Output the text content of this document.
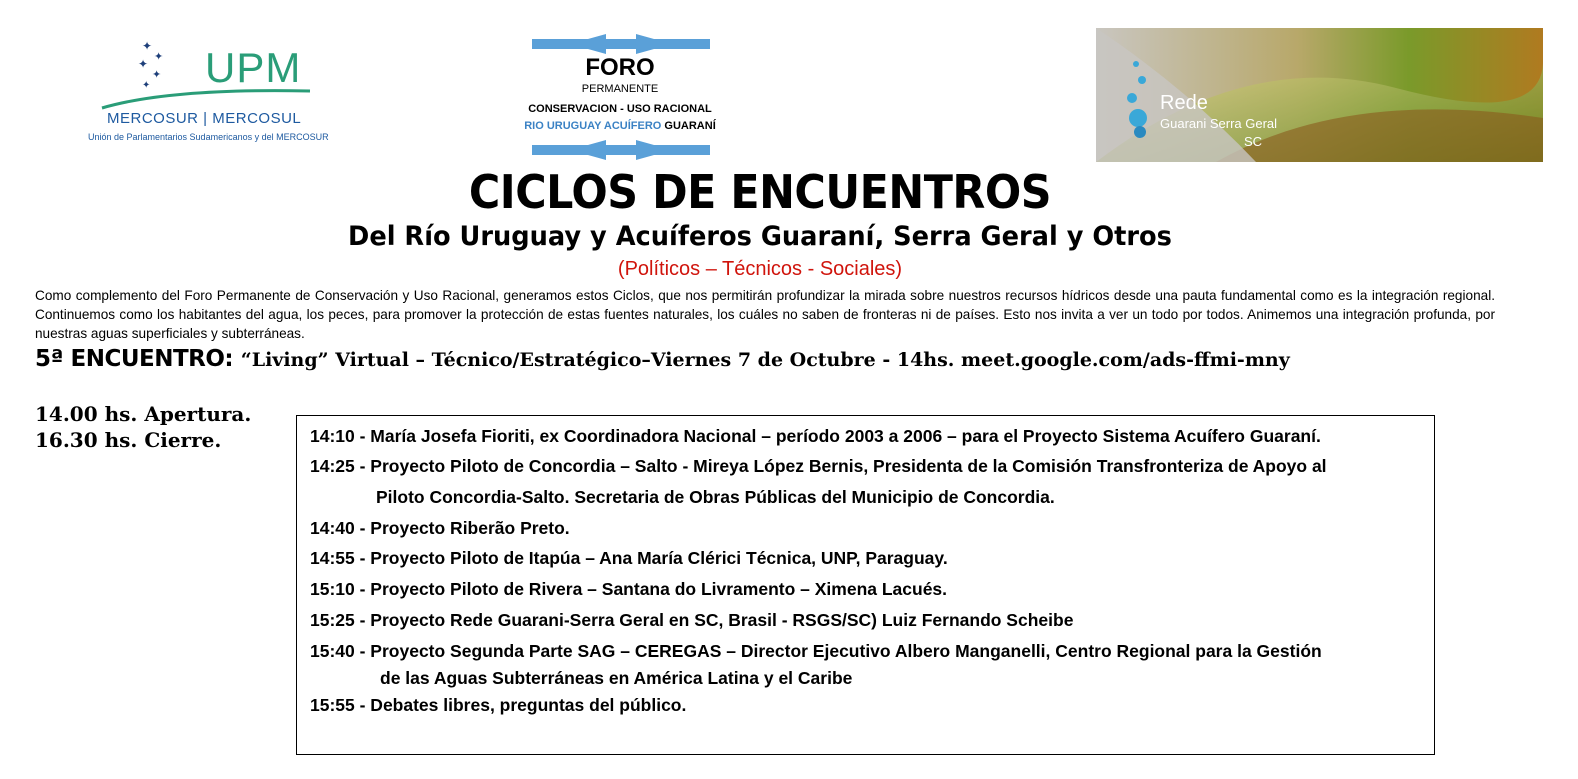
✦
✦
✦
✦
✦ UPM
MERCOSUR | MERCOSUL
Unión de Parlamentarios Sudamericanos y del MERCOSUR
FORO
PERMANENTE
CONSERVACION - USO RACIONAL
RIO URUGUAY ACUÍFERO GUARANÍ
Rede
Guarani Serra Geral
SC
CICLOS DE ENCUENTROS
Del Río Uruguay y Acuíferos Guaraní, Serra Geral y Otros
(Políticos – Técnicos - Sociales)
Como complemento del Foro Permanente de Conservación y Uso Racional, generamos estos Ciclos, que nos permitirán profundizar la mirada sobre nuestros recursos hídricos desde una pauta fundamental como es la integración regional. Continuemos como los habitantes del agua, los peces, para promover la protección de estas fuentes naturales, los cuáles no saben de fronteras ni de países. Esto nos invita a ver un todo por todos. Animemos una integración profunda, por nuestras aguas superficiales y subterráneas.
5ª ENCUENTRO: “Living” Virtual – Técnico/Estratégico–Viernes 7 de Octubre - 14hs. meet.google.com/ads-ffmi-mny
14.00 hs. Apertura.
16.30 hs. Cierre.	14:10 - María Josefa Fioriti, ex Coordinadora Nacional – período 2003 a 2006 – para el Proyecto Sistema Acuífero Guaraní.
14:25 - Proyecto Piloto de Concordia – Salto - Mireya López Bernis, Presidenta de la Comisión Transfronteriza de Apoyo al
Piloto Concordia-Salto. Secretaria de Obras Públicas del Municipio de Concordia.
14:40 - Proyecto Riberão Preto.
14:55 - Proyecto Piloto de Itapúa – Ana María Clérici Técnica, UNP, Paraguay.
15:10 - Proyecto Piloto de Rivera – Santana do Livramento – Ximena Lacués.
15:25 - Proyecto Rede Guarani-Serra Geral en SC, Brasil - RSGS/SC) Luiz Fernando Scheibe
15:40 - Proyecto Segunda Parte SAG – CEREGAS – Director Ejecutivo Albero Manganelli, Centro Regional para la Gestión
de las Aguas Subterráneas en América Latina y el Caribe
15:55 - Debates libres, preguntas del público.
